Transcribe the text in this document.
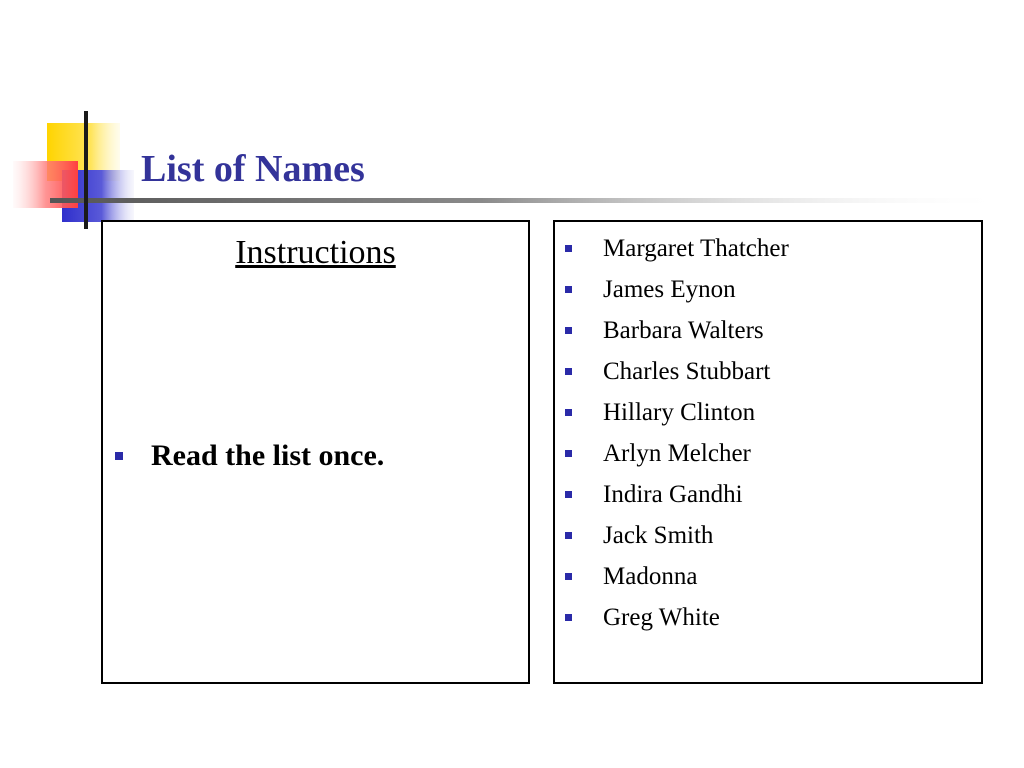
List of Names
Instructions
Read the list once.
Margaret Thatcher
James Eynon
Barbara Walters
Charles Stubbart
Hillary Clinton
Arlyn Melcher
Indira Gandhi
Jack Smith
Madonna
Greg White
